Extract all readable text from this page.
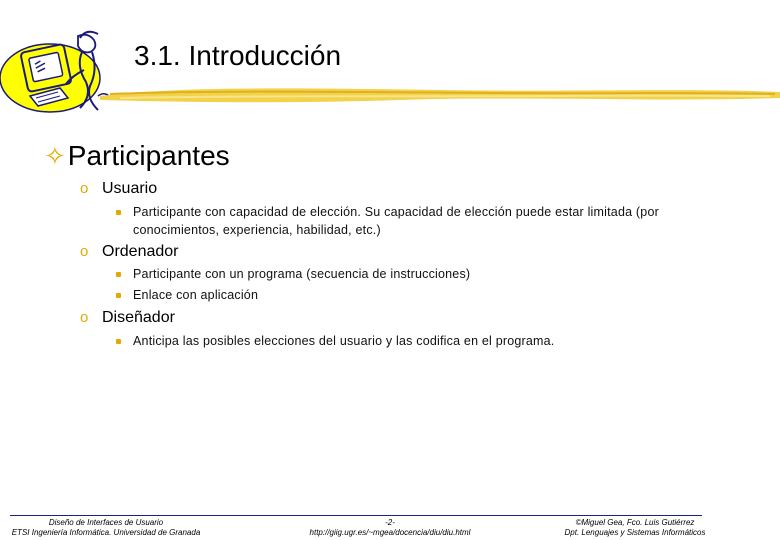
3.1. Introducción
✧Participantes
o Usuario
Participante con capacidad de elección. Su capacidad de elección puede estar limitada (por conocimientos, experiencia, habilidad, etc.)
o Ordenador
Participante con un programa (secuencia de instrucciones)
Enlace con aplicación
o Diseñador
Anticipa las posibles elecciones del usuario y las codifica en el programa.
Diseño de Interfaces de Usuario
ETSI Ingeniería Informática. Universidad de Granada
-2-
http://giig.ugr.es/~mgea/docencia/diu/diu.html
©Miguel Gea, Fco. Luis Gutiérrez
Dpt. Lenguajes y Sistemas Informáticos
